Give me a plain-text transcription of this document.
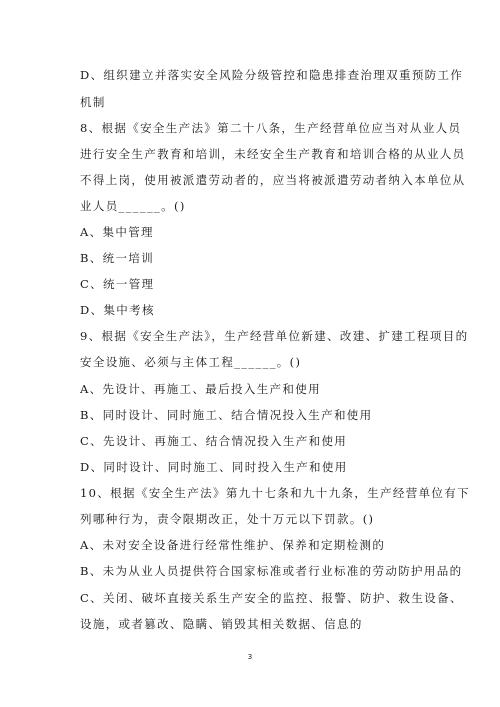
D、组织建立并落实安全风险分级管控和隐患排查治理双重预防工作
机制
8、根据《安全生产法》第二十八条，生产经营单位应当对从业人员
进行安全生产教育和培训，未经安全生产教育和培训合格的从业人员
不得上岗，使用被派遣劳动者的，应当将被派遣劳动者纳入本单位从
业人员______。()
A、集中管理
B、统一培训
C、统一管理
D、集中考核
9、根据《安全生产法》，生产经营单位新建、改建、扩建工程项目的
安全设施、必须与主体工程______。()
A、先设计、再施工、最后投入生产和使用
B、同时设计、同时施工、结合情况投入生产和使用
C、先设计、再施工、结合情况投入生产和使用
D、同时设计、同时施工、同时投入生产和使用
10、根据《安全生产法》第九十七条和九十九条，生产经营单位有下
列哪种行为，责令限期改正，处十万元以下罚款。()
A、未对安全设备进行经常性维护、保养和定期检测的
B、未为从业人员提供符合国家标准或者行业标准的劳动防护用品的
C、关闭、破坏直接关系生产安全的监控、报警、防护、救生设备、
设施，或者篡改、隐瞒、销毁其相关数据、信息的
3
